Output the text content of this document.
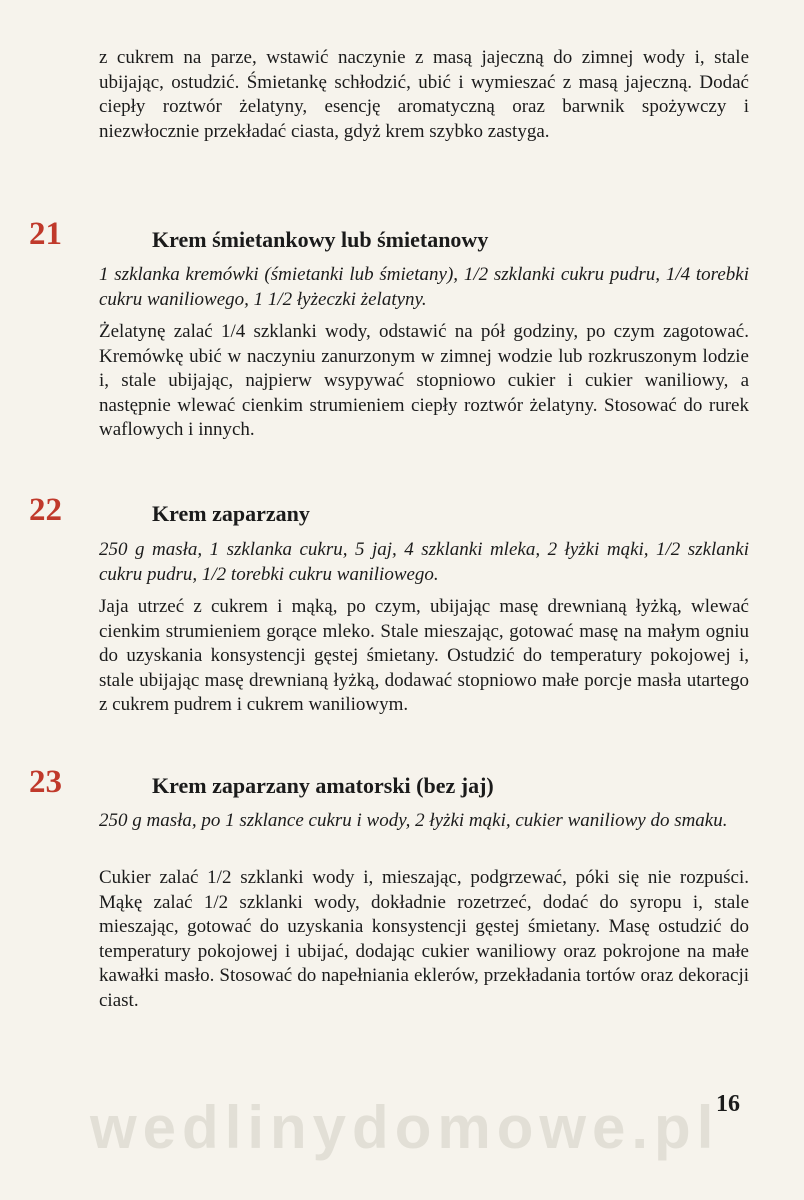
z cukrem na parze, wstawić naczynie z masą jajeczną do zimnej wody i, stale ubijając, ostudzić. Śmietankę schłodzić, ubić i wymieszać z masą jajeczną. Dodać ciepły roztwór żelatyny, esencję aromatyczną oraz barwnik spożywczy i niezwłocznie przekładać ciasta, gdyż krem szybko zastyga.

21	Krem śmietankowy lub śmietanowy

1 szklanka kremówki (śmietanki lub śmietany), 1/2 szklanki cukru pudru, 1/4 torebki cukru waniliowego, 1 1/2 łyżeczki żelatyny.

Żelatynę zalać 1/4 szklanki wody, odstawić na pół godziny, po czym zagotować. Kremówkę ubić w naczyniu zanurzonym w zimnej wodzie lub rozkruszonym lodzie i, stale ubijając, najpierw wsypywać stopniowo cukier i cukier waniliowy, a następnie wlewać cienkim strumieniem ciepły roztwór żelatyny. Stosować do rurek waflowych i innych.

22	Krem zaparzany

250 g masła, 1 szklanka cukru, 5 jaj, 4 szklanki mleka, 2 łyżki mąki, 1/2 szklanki cukru pudru, 1/2 torebki cukru waniliowego.

Jaja utrzeć z cukrem i mąką, po czym, ubijając masę drewnianą łyżką, wlewać cienkim strumieniem gorące mleko. Stale mieszając, gotować masę na małym ogniu do uzyskania konsystencji gęstej śmietany. Ostudzić do temperatury pokojowej i, stale ubijając masę drewnianą łyżką, dodawać stopniowo małe porcje masła utartego z cukrem pudrem i cukrem waniliowym.

23	Krem zaparzany amatorski (bez jaj)

250 g masła, po 1 szklance cukru i wody, 2 łyżki mąki, cukier waniliowy do smaku.

Cukier zalać 1/2 szklanki wody i, mieszając, podgrzewać, póki się nie rozpuści. Mąkę zalać 1/2 szklanki wody, dokładnie rozetrzeć, dodać do syropu i, stale mieszając, gotować do uzyskania konsystencji gęstej śmietany. Masę ostudzić do temperatury pokojowej i ubijać, dodając cukier waniliowy oraz pokrojone na małe kawałki masło. Stosować do napełniania eklerów, przekładania tortów oraz dekoracji ciast.

wedlinydomowe.pl
16
